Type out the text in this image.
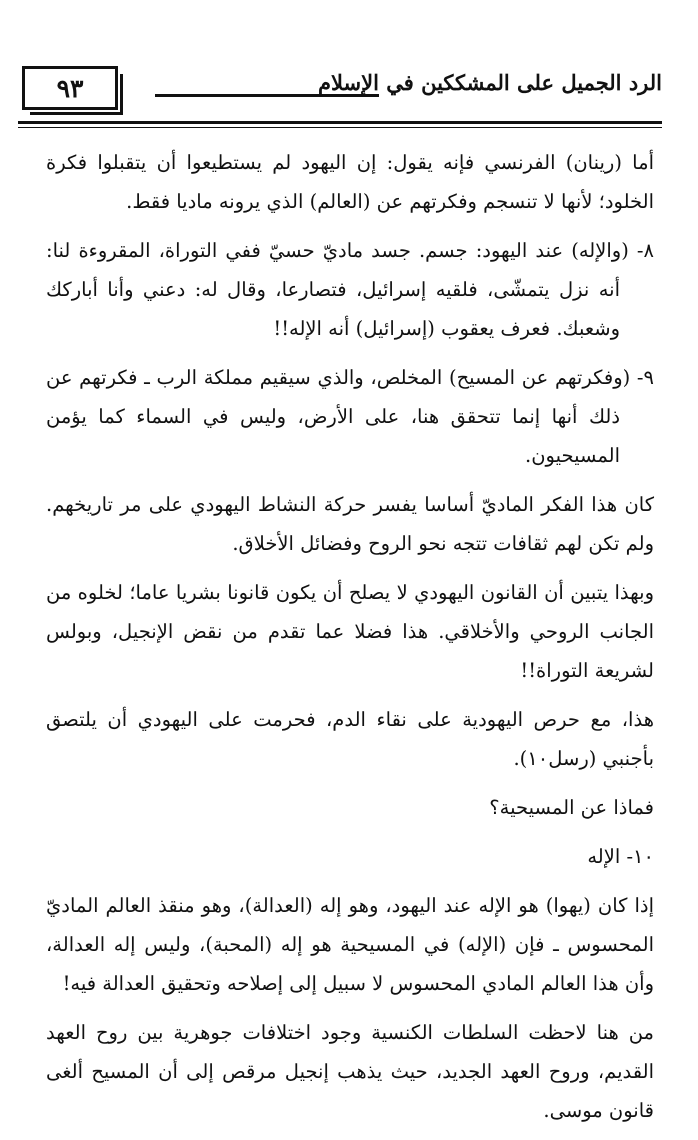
٩٣	الرد الجميل على المشككين في الإسلام

أما (رينان) الفرنسي فإنه يقول: إن اليهود لم يستطيعوا أن يتقبلوا فكرة الخلود؛ لأنها لا تنسجم وفكرتهم عن (العالم) الذي يرونه ماديا فقط.

٨- (والإله) عند اليهود: جسم. جسد ماديّ حسيّ ففي التوراة، المقروءة لنا: أنه نزل يتمشّى، فلقيه إسرائيل، فتصارعا، وقال له: دعني وأنا أباركك وشعبك. فعرف يعقوب (إسرائيل) أنه الإله!!

٩- (وفكرتهم عن المسيح) المخلص، والذي سيقيم مملكة الرب ـ فكرتهم عن ذلك أنها إنما تتحقق هنا، على الأرض، وليس في السماء كما يؤمن المسيحيون.

كان هذا الفكر الماديّ أساسا يفسر حركة النشاط اليهودي على مر تاريخهم. ولم تكن لهم ثقافات تتجه نحو الروح وفضائل الأخلاق.

وبهذا يتبين أن القانون اليهودي لا يصلح أن يكون قانونا بشريا عاما؛ لخلوه من الجانب الروحي والأخلاقي. هذا فضلا عما تقدم من نقض الإنجيل، وبولس لشريعة التوراة!!

هذا، مع حرص اليهودية على نقاء الدم، فحرمت على اليهودي أن يلتصق بأجنبي (رسل١٠).

فماذا عن المسيحية؟

١٠- الإله

إذا كان (يهوا) هو الإله عند اليهود، وهو إله (العدالة)، وهو منقذ العالم الماديّ المحسوس ـ فإن (الإله) في المسيحية هو إله (المحبة)، وليس إله العدالة، وأن هذا العالم المادي المحسوس لا سبيل إلى إصلاحه وتحقيق العدالة فيه!

من هنا لاحظت السلطات الكنسية وجود اختلافات جوهرية بين روح العهد القديم، وروح العهد الجديد، حيث يذهب إنجيل مرقص إلى أن المسيح ألغى قانون موسى.
